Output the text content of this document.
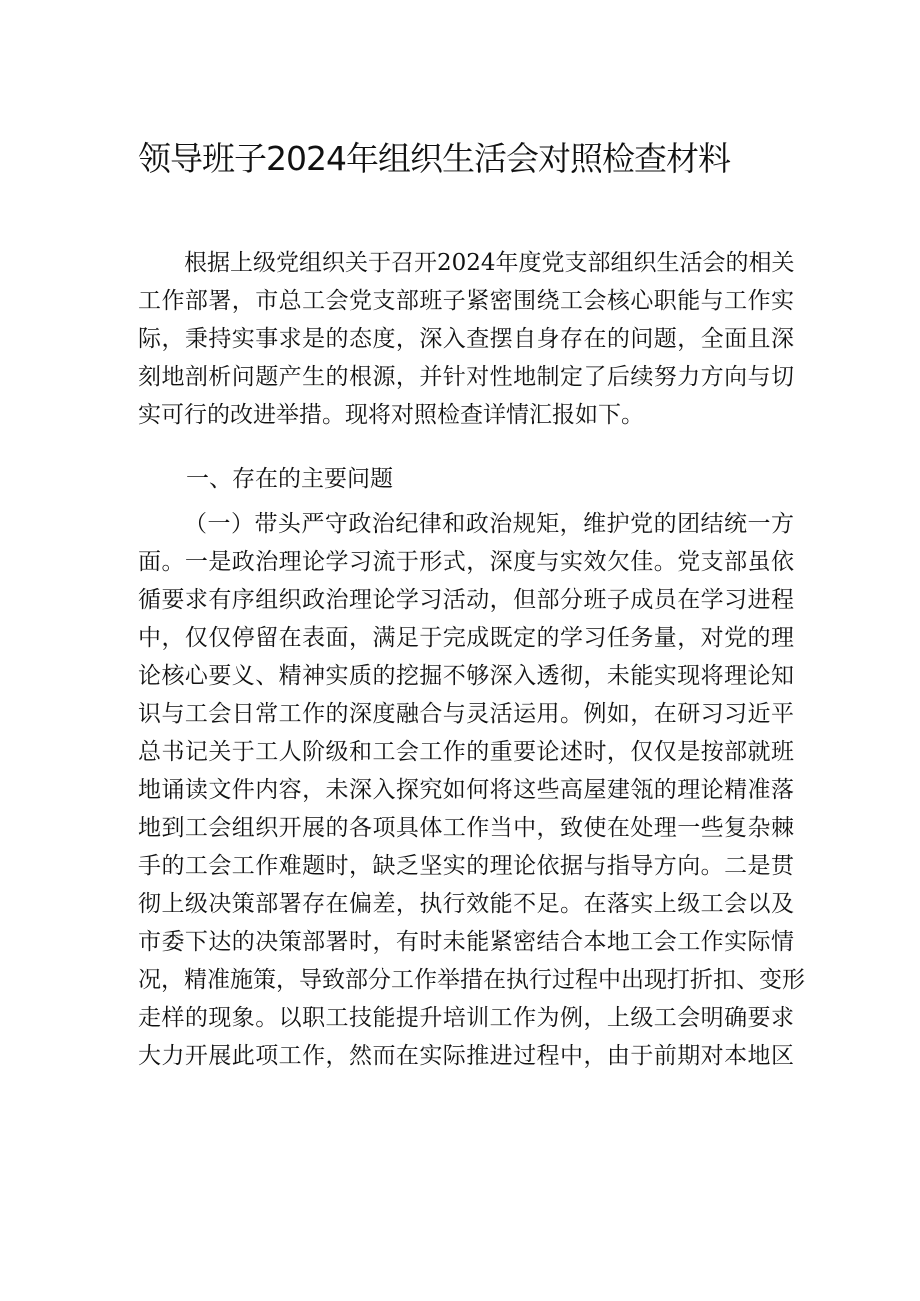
领导班子2024年组织生活会对照检查材料
根据上级党组织关于召开2024年度党支部组织生活会的相关
工作部署，市总工会党支部班子紧密围绕工会核心职能与工作实
际，秉持实事求是的态度，深入查摆自身存在的问题，全面且深
刻地剖析问题产生的根源，并针对性地制定了后续努力方向与切
实可行的改进举措。现将对照检查详情汇报如下。
一、存在的主要问题
（一）带头严守政治纪律和政治规矩，维护党的团结统一方
面。一是政治理论学习流于形式，深度与实效欠佳。党支部虽依
循要求有序组织政治理论学习活动，但部分班子成员在学习进程
中，仅仅停留在表面，满足于完成既定的学习任务量，对党的理
论核心要义、精神实质的挖掘不够深入透彻，未能实现将理论知
识与工会日常工作的深度融合与灵活运用。例如，在研习习近平
总书记关于工人阶级和工会工作的重要论述时，仅仅是按部就班
地诵读文件内容，未深入探究如何将这些高屋建瓴的理论精准落
地到工会组织开展的各项具体工作当中，致使在处理一些复杂棘
手的工会工作难题时，缺乏坚实的理论依据与指导方向。二是贯
彻上级决策部署存在偏差，执行效能不足。在落实上级工会以及
市委下达的决策部署时，有时未能紧密结合本地工会工作实际情
况，精准施策，导致部分工作举措在执行过程中出现打折扣、变形
走样的现象。以职工技能提升培训工作为例，上级工会明确要求
大力开展此项工作，然而在实际推进过程中，由于前期对本地区
